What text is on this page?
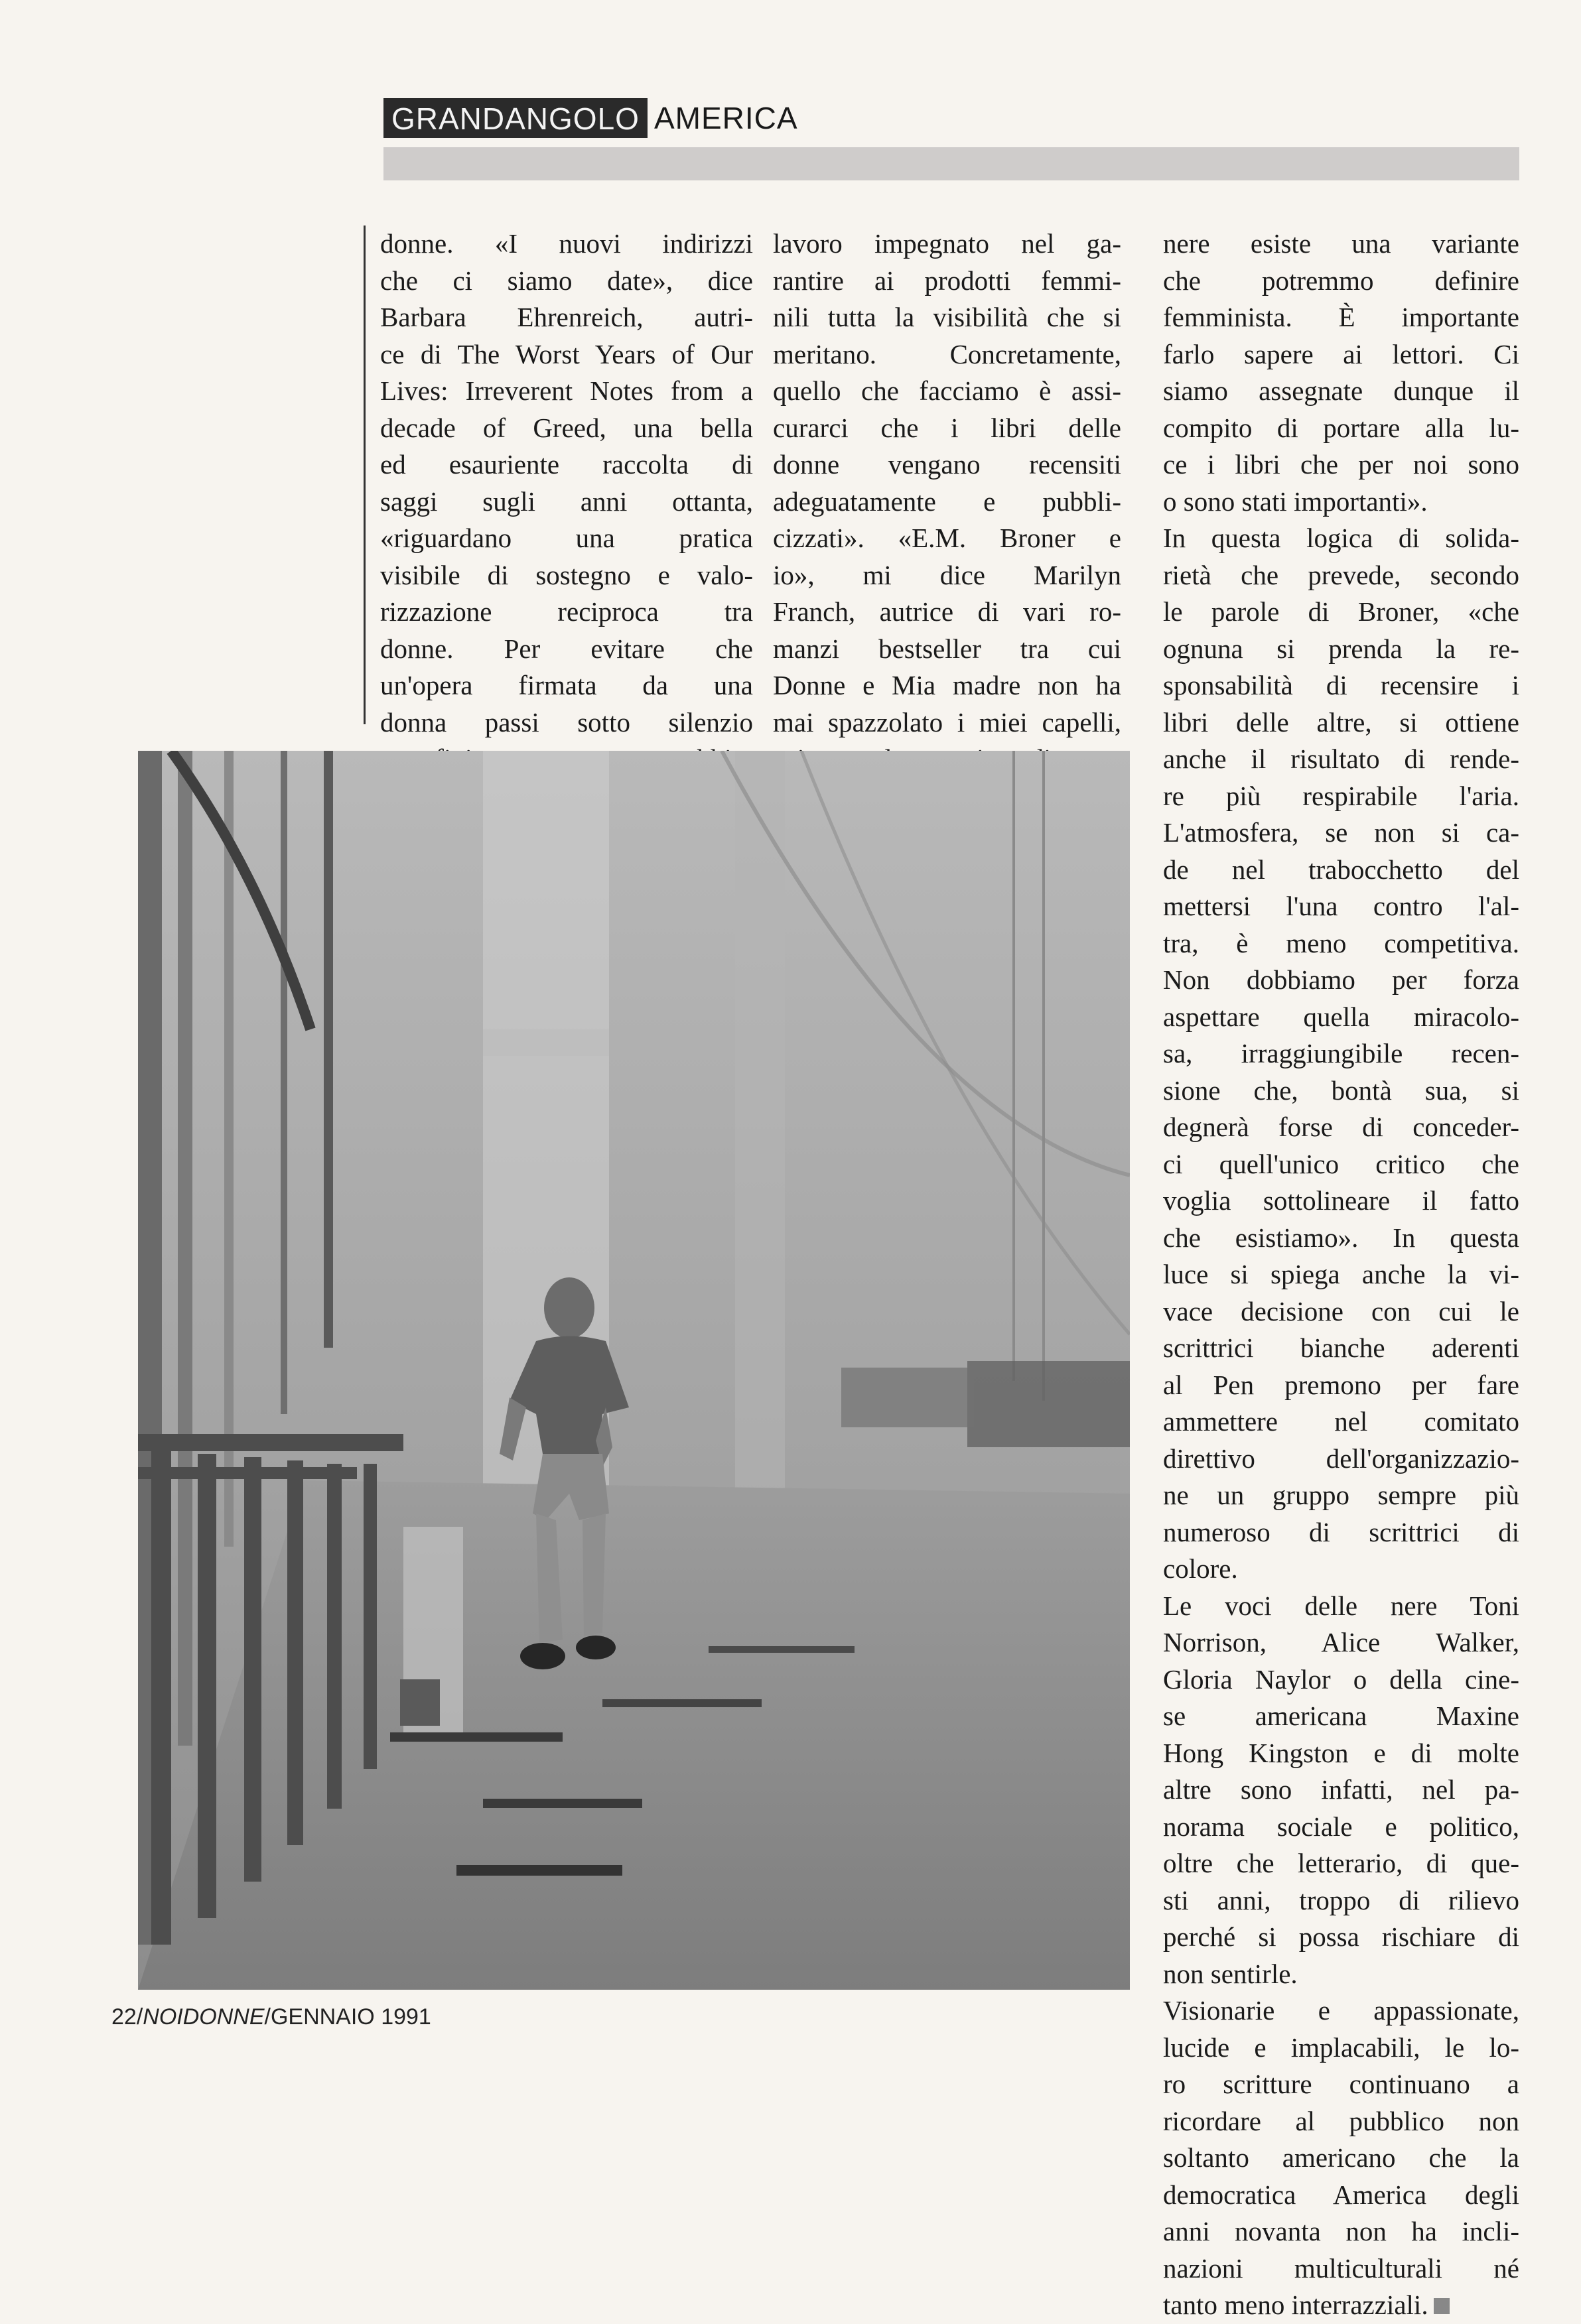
GRANDANGOLO AMERICA
donne. «I nuovi indirizzi
che ci siamo date», dice
Barbara Ehrenreich, autri-
ce di The Worst Years of Our
Lives: Irreverent Notes from a
decade of Greed, una bella
ed esauriente raccolta di
saggi sugli anni ottanta,
«riguardano una pratica
visibile di sostegno e valo-
rizzazione reciproca tra
donne. Per evitare che
un'opera firmata da una
donna passi sotto silenzio
lavoro impegnato nel ga-
rantire ai prodotti femmi-
nili tutta la visibilità che si
meritano. Concretamente,
quello che facciamo è assi-
curarci che i libri delle
donne vengano recensiti
adeguatamente e pubbli-
cizzati». «E.M. Broner e
io», mi dice Marilyn
Franch, autrice di vari ro-
manzi bestseller tra cui
Donne e Mia madre non ha
mai spazzolato i miei capelli,
nere esiste una variante
che potremmo definire
femminista. È importante
farlo sapere ai lettori. Ci
siamo assegnate dunque il
compito di portare alla lu-
ce i libri che per noi sono
o sono stati importanti».
In questa logica di solida-
rietà che prevede, secondo
le parole di Broner, «che
ognuna si prenda la re-
sponsabilità di recensire i
libri delle altre, si ottiene
anche il risultato di rende-
re più respirabile l'aria.
L'atmosfera, se non si ca-
de nel trabocchetto del
mettersi l'una contro l'al-
tra, è meno competitiva.
Non dobbiamo per forza
aspettare quella miracolo-
sa, irraggiungibile recen-
sione che, bontà sua, si
degnerà forse di conceder-
ci quell'unico critico che
voglia sottolineare il fatto
che esistiamo». In questa
luce si spiega anche la vi-
vace decisione con cui le
scrittrici bianche aderenti
al Pen premono per fare
ammettere nel comitato
direttivo dell'organizzazio-
ne un gruppo sempre più
numeroso di scrittrici di
colore.
Le voci delle nere Toni
Norrison, Alice Walker,
Gloria Naylor o della cine-
se americana Maxine
Hong Kingston e di molte
altre sono infatti, nel pa-
norama sociale e politico,
oltre che letterario, di que-
sti anni, troppo di rilievo
perché si possa rischiare di
non sentirle.
Visionarie e appassionate,
lucide e implacabili, le lo-
ro scritture continuano a
ricordare al pubblico non
soltanto americano che la
democratica America degli
anni novanta non ha incli-
nazioni multiculturali né
tanto meno interrazziali.
22/NOIDONNE/GENNAIO 1991
